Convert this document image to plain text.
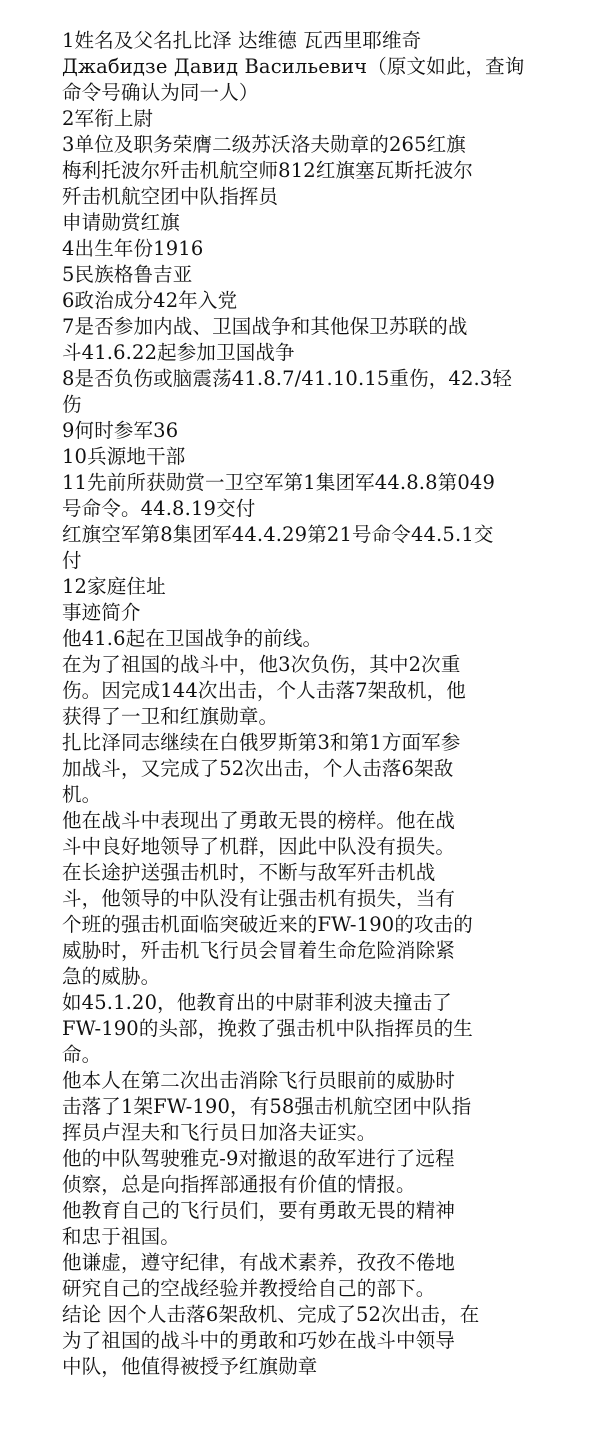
1姓名及父名扎比泽 达维德 瓦西里耶维奇
Джабидзе Давид Васильевич（原文如此，查询
命令号确认为同一人）
2军衔上尉
3单位及职务荣膺二级苏沃洛夫勋章的265红旗
梅利托波尔歼击机航空师812红旗塞瓦斯托波尔
歼击机航空团中队指挥员
申请勋赏红旗
4出生年份1916
5民族格鲁吉亚
6政治成分42年入党
7是否参加内战、卫国战争和其他保卫苏联的战
斗41.6.22起参加卫国战争
8是否负伤或脑震荡41.8.7/41.10.15重伤，42.3轻
伤
9何时参军36
10兵源地干部
11先前所获勋赏一卫空军第1集团军44.8.8第049
号命令。44.8.19交付
红旗空军第8集团军44.4.29第21号命令44.5.1交
付
12家庭住址
事迹简介
他41.6起在卫国战争的前线。
在为了祖国的战斗中，他3次负伤，其中2次重
伤。因完成144次出击，个人击落7架敌机，他
获得了一卫和红旗勋章。
扎比泽同志继续在白俄罗斯第3和第1方面军参
加战斗，又完成了52次出击，个人击落6架敌
机。
他在战斗中表现出了勇敢无畏的榜样。他在战
斗中良好地领导了机群，因此中队没有损失。
在长途护送强击机时，不断与敌军歼击机战
斗，他领导的中队没有让强击机有损失，当有
个班的强击机面临突破近来的FW-190的攻击的
威胁时，歼击机飞行员会冒着生命危险消除紧
急的威胁。
如45.1.20，他教育出的中尉菲利波夫撞击了
FW-190的头部，挽救了强击机中队指挥员的生
命。
他本人在第二次出击消除飞行员眼前的威胁时
击落了1架FW-190，有58强击机航空团中队指
挥员卢涅夫和飞行员日加洛夫证实。
他的中队驾驶雅克-9对撤退的敌军进行了远程
侦察，总是向指挥部通报有价值的情报。
他教育自己的飞行员们，要有勇敢无畏的精神
和忠于祖国。
他谦虚，遵守纪律，有战术素养，孜孜不倦地
研究自己的空战经验并教授给自己的部下。
结论 因个人击落6架敌机、完成了52次出击，在
为了祖国的战斗中的勇敢和巧妙在战斗中领导
中队，他值得被授予红旗勋章
